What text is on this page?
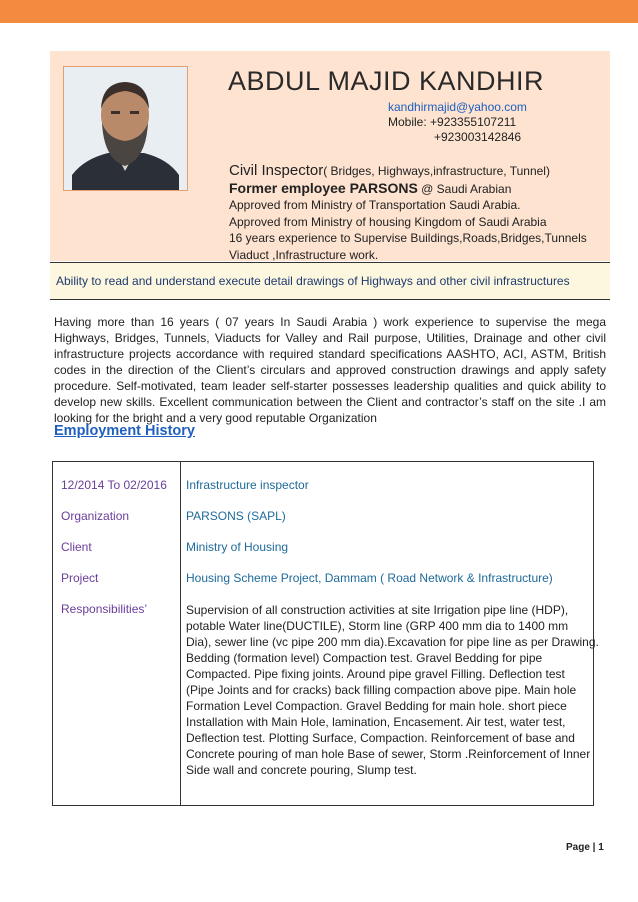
ABDUL MAJID KANDHIR
kandhirmajid@yahoo.com
Mobile: +923355107211
+923003142846
Civil Inspector( Bridges, Highways,infrastructure, Tunnel)
Former employee PARSONS @ Saudi Arabian
Approved from Ministry of Transportation Saudi Arabia.
Approved from Ministry of housing Kingdom of Saudi Arabia
16 years experience to Supervise Buildings,Roads,Bridges,Tunnels
Viaduct ,Infrastructure work.
Ability to read and understand execute detail drawings of Highways and other civil infrastructures
Having more than 16 years ( 07 years In Saudi Arabia ) work experience to supervise the mega Highways, Bridges, Tunnels, Viaducts for Valley and Rail purpose, Utilities, Drainage and other civil infrastructure projects accordance with required standard specifications AASHTO, ACI, ASTM, British codes in the direction of the Client’s circulars and approved construction drawings and apply safety procedure. Self-motivated, team leader self-starter possesses leadership qualities and quick ability to develop new skills. Excellent communication between the Client and contractor’s staff on the site .I am looking for the bright and a very good reputable Organization
Employment History
12/2014 To 02/2016 Infrastructure inspector
Organization	PARSONS (SAPL)
Client	Ministry of Housing
Project	Housing Scheme Project, Dammam ( Road Network & Infrastructure)
Responsibilities’	Supervision of all construction activities at site Irrigation pipe line (HDP),
potable Water line(DUCTILE), Storm line (GRP 400 mm dia to 1400 mm
Dia), sewer line (vc pipe 200 mm dia).Excavation for pipe line as per Drawing.
Bedding (formation level) Compaction test. Gravel Bedding for pipe
Compacted. Pipe fixing joints. Around pipe gravel Filling. Deflection test
(Pipe Joints and for cracks) back filling compaction above pipe. Main hole
Formation Level Compaction. Gravel Bedding for main hole. short piece
Installation with Main Hole, lamination, Encasement. Air test, water test,
Deflection test. Plotting Surface, Compaction. Reinforcement of base and
Concrete pouring of man hole Base of sewer, Storm .Reinforcement of Inner
Side wall and concrete pouring, Slump test.
Page | 1
